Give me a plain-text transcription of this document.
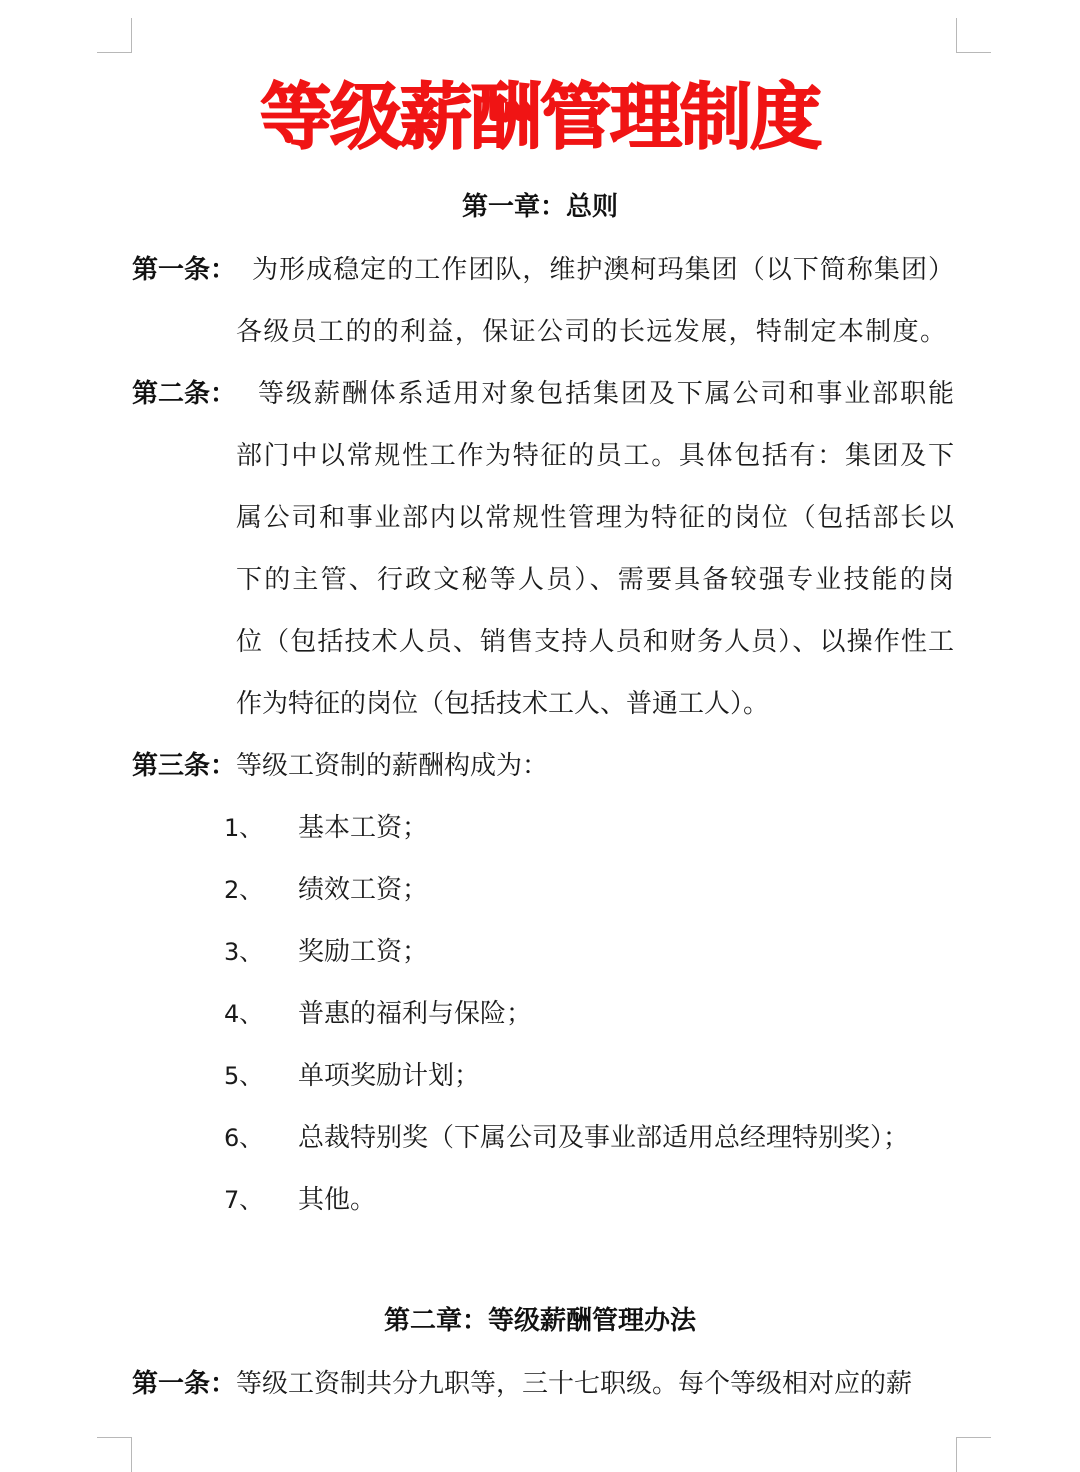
等级薪酬管理制度
第一章：总则
第一条： 为形成稳定的工作团队，维护澳柯玛集团（以下简称集团）
各级员工的的利益，保证公司的长远发展，特制定本制度。
第二条： 等级薪酬体系适用对象包括集团及下属公司和事业部职能
部门中以常规性工作为特征的员工。具体包括有：集团及下
属公司和事业部内以常规性管理为特征的岗位（包括部长以
下的主管、行政文秘等人员）、需要具备较强专业技能的岗
位（包括技术人员、销售支持人员和财务人员）、以操作性工
作为特征的岗位（包括技术工人、普通工人）。
第三条：等级工资制的薪酬构成为：
1、 基本工资；
2、 绩效工资；
3、 奖励工资；
4、 普惠的福利与保险；
5、 单项奖励计划；
6、 总裁特别奖（下属公司及事业部适用总经理特别奖）；
7、 其他。
第二章：等级薪酬管理办法
第一条：等级工资制共分九职等，三十七职级。每个等级相对应的薪
